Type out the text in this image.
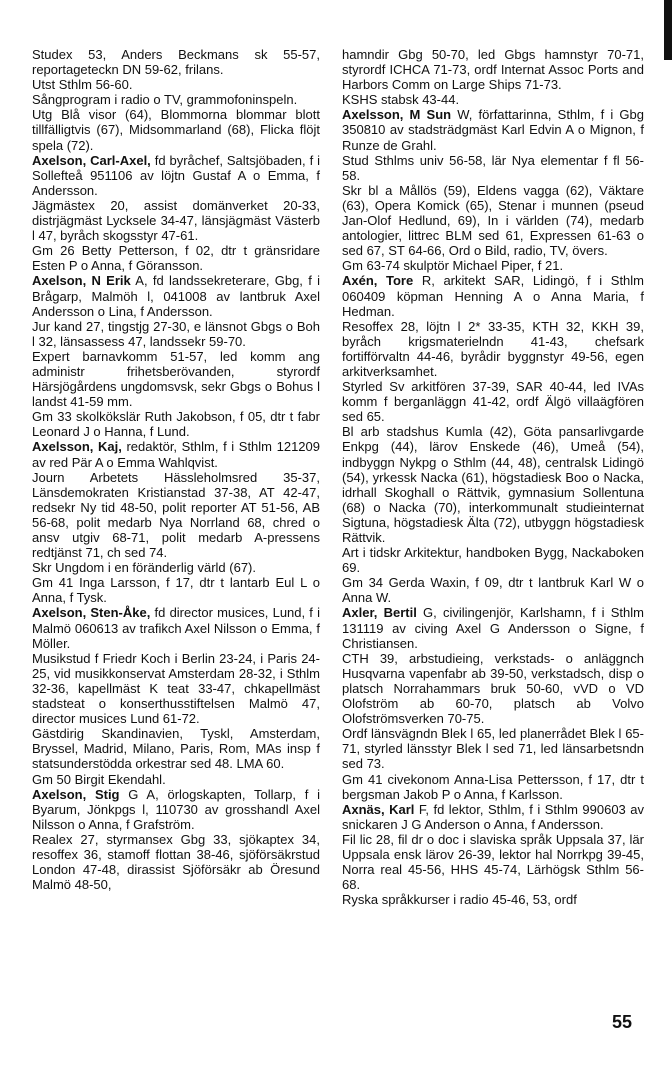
Studex 53, Anders Beckmans sk 55-57, reportageteckn DN 59-62, frilans.
Utst Sthlm 56-60.
Sångprogram i radio o TV, grammofoninspeln.
Utg Blå visor (64), Blommorna blommar blott tillfälligtvis (67), Midsommarland (68), Flicka flöjt spela (72).
Axelson, Carl-Axel, fd byråchef, Saltsjöbaden, f i Sollefteå 951106 av löjtn Gustaf A o Emma, f Andersson.
Jägmästex 20, assist domänverket 20-33, distrjägmäst Lycksele 34-47, länsjägmäst Västerb l 47, byråch skogsstyr 47-61.
Gm 26 Betty Petterson, f 02, dtr t gränsridare Esten P o Anna, f Göransson.
Axelson, N Erik A, fd landssekreterare, Gbg, f i Brågarp, Malmöh l, 041008 av lantbruk Axel Andersson o Lina, f Andersson.
Jur kand 27, tingstjg 27-30, e länsnot Gbgs o Boh l 32, länsassess 47, landssekr 59-70.
Expert barnavkomm 51-57, led komm ang administr frihetsberövanden, styrordf Härsjögårdens ungdomsvsk, sekr Gbgs o Bohus l landst 41-59 mm.
Gm 33 skolkökslär Ruth Jakobson, f 05, dtr t fabr Leonard J o Hanna, f Lund.
Axelsson, Kaj, redaktör, Sthlm, f i Sthlm 121209 av red Pär A o Emma Wahlqvist.
Journ Arbetets Hässleholmsred 35-37, Länsdemokraten Kristianstad 37-38, AT 42-47, redsekr Ny tid 48-50, polit reporter AT 51-56, AB 56-68, polit medarb Nya Norrland 68, chred o ansv utgiv 68-71, polit medarb A-pressens redtjänst 71, ch sed 74.
Skr Ungdom i en föränderlig värld (67).
Gm 41 Inga Larsson, f 17, dtr t lantarb Eul L o Anna, f Tysk.
Axelson, Sten-Åke, fd director musices, Lund, f i Malmö 060613 av trafikch Axel Nilsson o Emma, f Möller.
Musikstud f Friedr Koch i Berlin 23-24, i Paris 24-25, vid musikkonservat Amsterdam 28-32, i Sthlm 32-36, kapellmäst K teat 33-47, chkapellmäst stadsteat o konserthusstiftelsen Malmö 47, director musices Lund 61-72.
Gästdirig Skandinavien, Tyskl, Amsterdam, Bryssel, Madrid, Milano, Paris, Rom, MAs insp f statsunderstödda orkestrar sed 48. LMA 60.
Gm 50 Birgit Ekendahl.
Axelson, Stig G A, örlogskapten, Tollarp, f i Byarum, Jönkpgs l, 110730 av grosshandl Axel Nilsson o Anna, f Grafström.
Realex 27, styrmansex Gbg 33, sjökaptex 34, resoffex 36, stamoff flottan 38-46, sjöförsäkrstud London 47-48, dirassist Sjöförsäkr ab Öresund Malmö 48-50,
hamndir Gbg 50-70, led Gbgs hamnstyr 70-71, styrordf ICHCA 71-73, ordf Internat Assoc Ports and Harbors Comm on Large Ships 71-73.
KSHS stabsk 43-44.
Axelsson, M Sun W, författarinna, Sthlm, f i Gbg 350810 av stadsträdgmäst Karl Edvin A o Mignon, f Runze de Grahl.
Stud Sthlms univ 56-58, lär Nya elementar f fl 56-58.
Skr bl a Mållös (59), Eldens vagga (62), Väktare (63), Opera Komick (65), Stenar i munnen (pseud Jan-Olof Hedlund, 69), In i världen (74), medarb antologier, littrec BLM sed 61, Expressen 61-63 o sed 67, ST 64-66, Ord o Bild, radio, TV, övers.
Gm 63-74 skulptör Michael Piper, f 21.
Axén, Tore R, arkitekt SAR, Lidingö, f i Sthlm 060409 köpman Henning A o Anna Maria, f Hedman.
Resoffex 28, löjtn l 2* 33-35, KTH 32, KKH 39, byråch krigsmaterielndn 41-43, chefsark fortifförvaltn 44-46, byrådir byggnstyr 49-56, egen arkitverksamhet.
Styrled Sv arkitfören 37-39, SAR 40-44, led IVAs komm f berganläggn 41-42, ordf Älgö villaägfören sed 65.
Bl arb stadshus Kumla (42), Göta pansarlivgarde Enkpg (44), lärov Enskede (46), Umeå (54), indbyggn Nykpg o Sthlm (44, 48), centralsk Lidingö (54), yrkessk Nacka (61), högstadiesk Boo o Nacka, idrhall Skoghall o Rättvik, gymnasium Sollentuna (68) o Nacka (70), interkommunalt studieinternat Sigtuna, högstadiesk Älta (72), utbyggn högstadiesk Rättvik.
Art i tidskr Arkitektur, handboken Bygg, Nackaboken 69.
Gm 34 Gerda Waxin, f 09, dtr t lantbruk Karl W o Anna W.
Axler, Bertil G, civilingenjör, Karlshamn, f i Sthlm 131119 av civing Axel G Andersson o Signe, f Christiansen.
CTH 39, arbstudieing, verkstads- o anläggnch Husqvarna vapenfabr ab 39-50, verkstadsch, disp o platsch Norrahammars bruk 50-60, vVD o VD Olofström ab 60-70, platsch ab Volvo Olofströmsverken 70-75.
Ordf länsvägndn Blek l 65, led planerrådet Blek l 65-71, styrled länsstyr Blek l sed 71, led länsarbetsndn sed 73.
Gm 41 civekonom Anna-Lisa Pettersson, f 17, dtr t bergsman Jakob P o Anna, f Karlsson.
Axnäs, Karl F, fd lektor, Sthlm, f i Sthlm 990603 av snickaren J G Anderson o Anna, f Andersson.
Fil lic 28, fil dr o doc i slaviska språk Uppsala 37, lär Uppsala ensk lärov 26-39, lektor hal Norrkpg 39-45, Norra real 45-56, HHS 45-74, Lärhögsk Sthlm 56-68.
Ryska språkkurser i radio 45-46, 53, ordf
55
